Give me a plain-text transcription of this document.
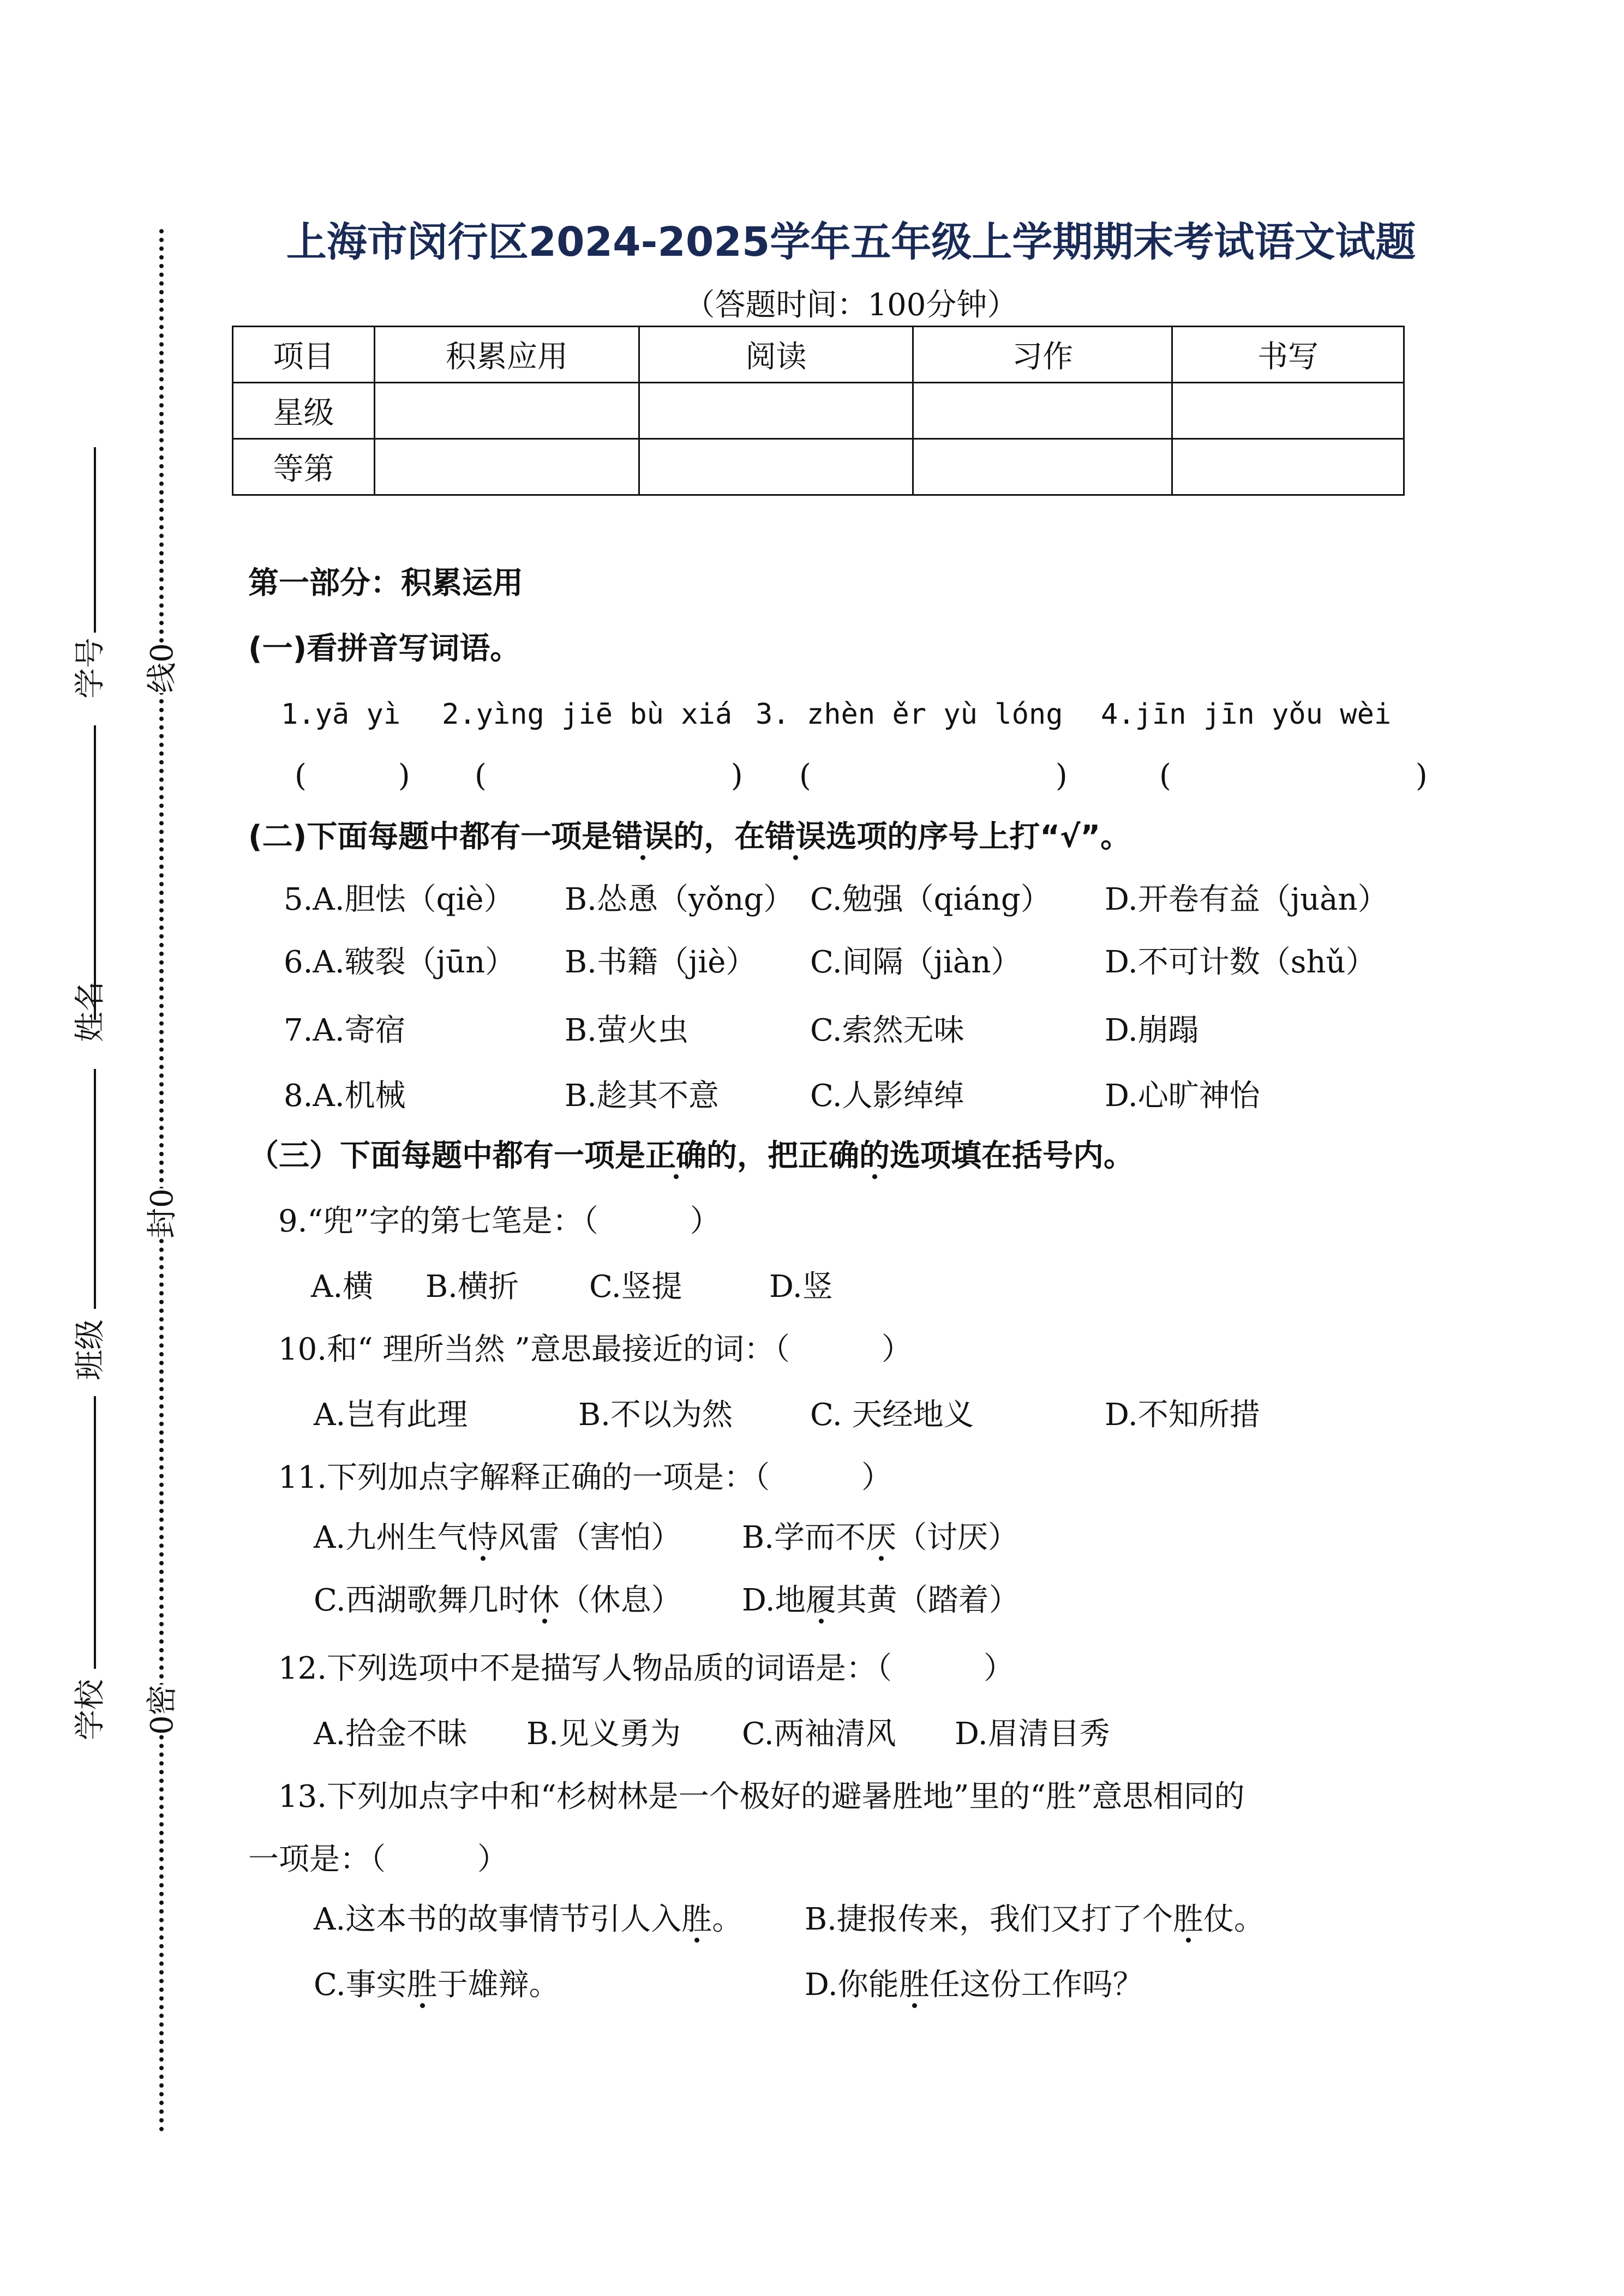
学号
姓名
班级
学校
线0
封0
0密
上海市闵行区2024-2025学年五年级上学期期末考试语文试题
（答题时间：100分钟）
项目	积累应用	阅读	习作	书写
星级				
等第				
第一部分：积累运用
(一)看拼音写词语。
1.yā yì 2.yìng jiē bù xiá 3. zhèn ěr yù lóng 4.jīn jīn yǒu wèi
(　　　) (　　　　　　　　) (　　　　　　　　)	(　　　　　　　　)
(二)下面每题中都有一项是错误的，在错误选项的序号上打“√”。
5.A.胆怯（qiè） B.怂恿（yǒng） C.勉强（qiáng） D.开卷有益（juàn）
6.A.皲裂（jūn） B.书籍（jiè） C.间隔（jiàn）	D.不可计数（shǔ）
7.A.寄宿	B.萤火虫	C.索然无味	D.崩蹋
8.A.机械	B.趁其不意	C.人影绰绰	D.心旷神怡
（三）下面每题中都有一项是正确的，把正确的选项填在括号内。
9.“兜”字的第七笔是：（　　　）
A.横 B.横折 C.竖提	D.竖
10.和“ 理所当然 ”意思最接近的词：（　　　）
A.岂有此理	B.不以为然	C. 天经地义	D.不知所措
11.下列加点字解释正确的一项是：（　　　）
A.九州生气恃风雷（害怕） B.学而不厌（讨厌）
C.西湖歌舞几时休（休息） D.地履其黄（踏着）
12.下列选项中不是描写人物品质的词语是：（　　　）
A.拾金不昧 B.见义勇为 C.两袖清风 D.眉清目秀
13.下列加点字中和“杉树林是一个极好的避暑胜地”里的“胜”意思相同的
一项是：（　　　）
A.这本书的故事情节引人入胜。 B.捷报传来，我们又打了个胜仗。
C.事实胜于雄辩。	D.你能胜任这份工作吗？
